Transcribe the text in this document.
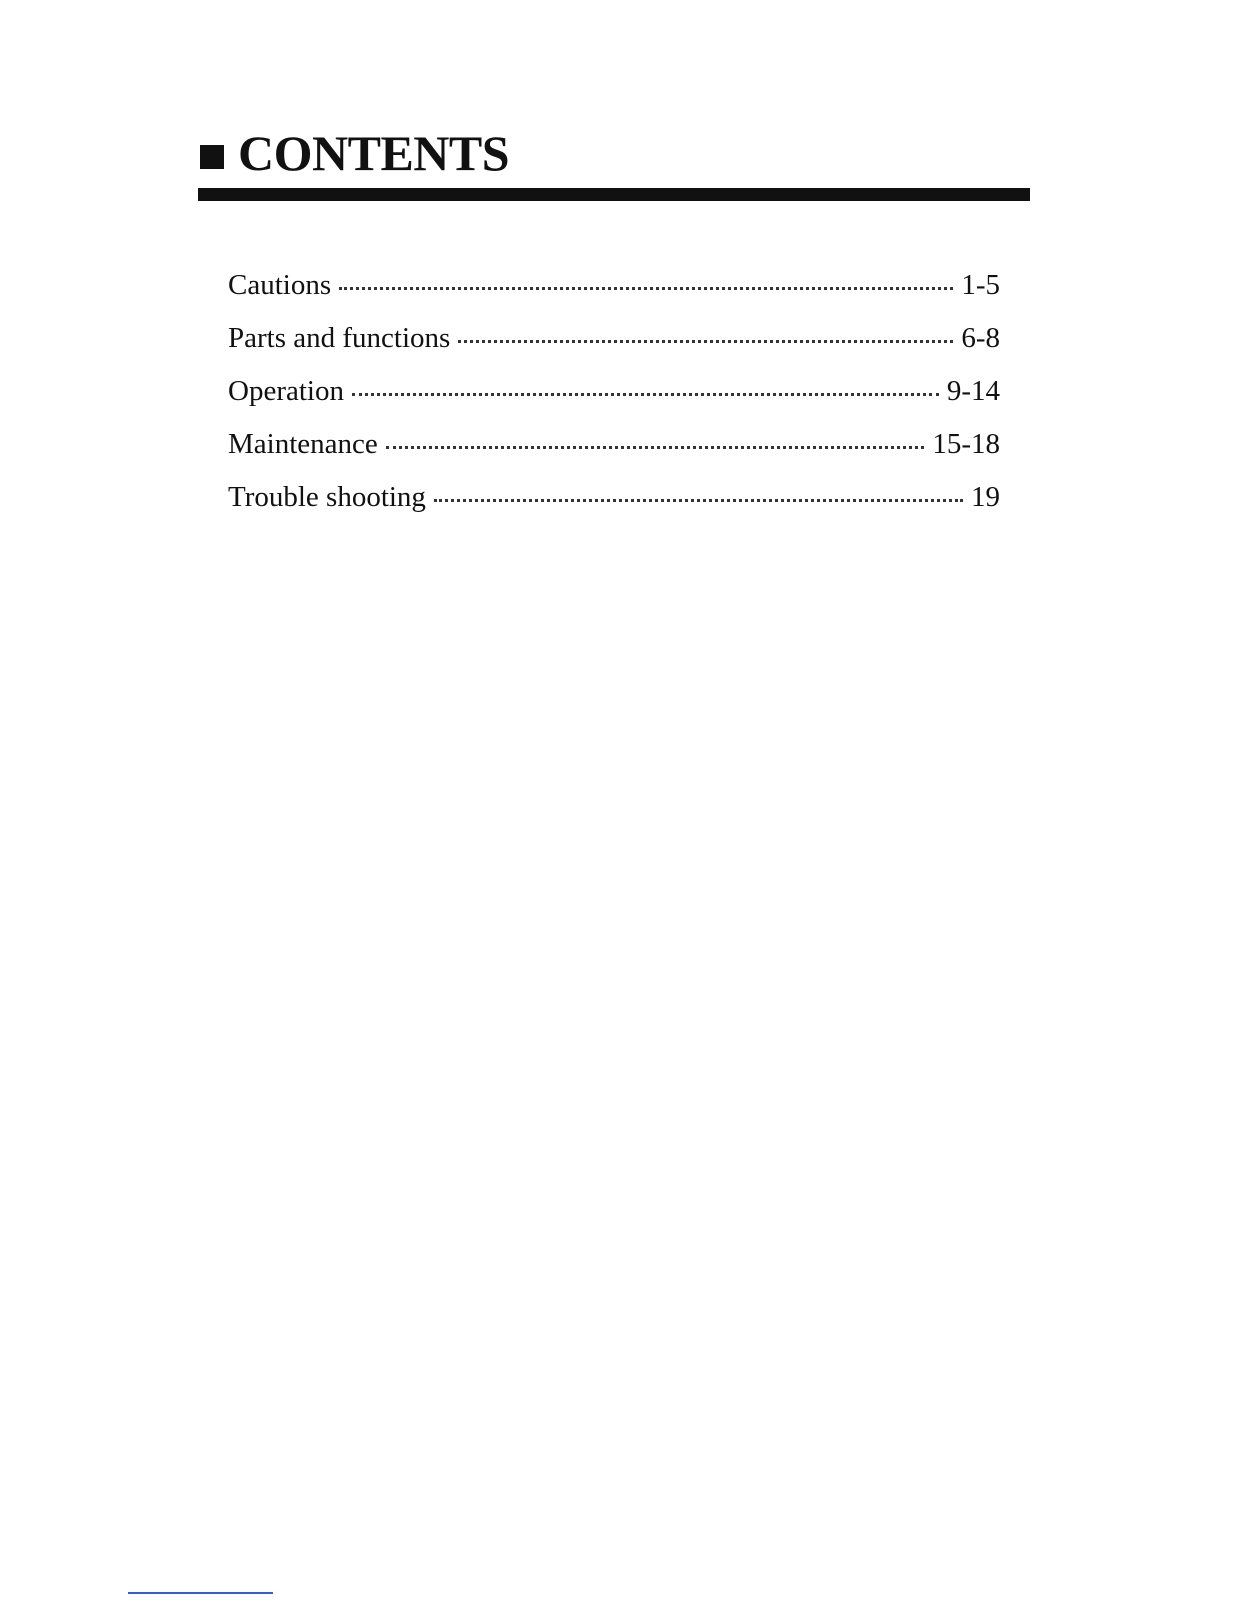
CONTENTS
Cautions	1-5
Parts and functions	6-8
Operation	9-14
Maintenance	15-18
Trouble shooting	19
